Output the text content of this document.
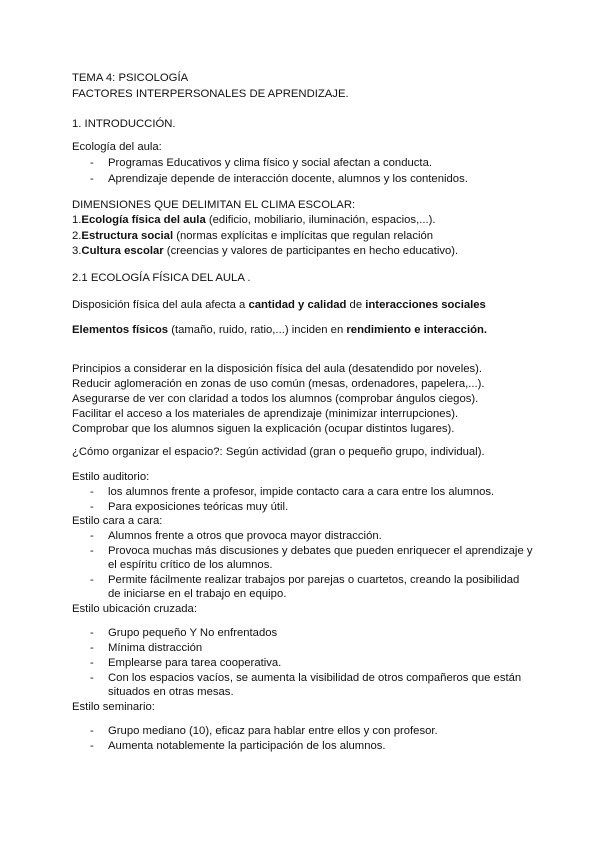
TEMA 4: PSICOLOGÍA
FACTORES INTERPERSONALES DE APRENDIZAJE.
1. INTRODUCCIÓN.
Ecología del aula:
- Programas Educativos y clima físico y social afectan a conducta.
- Aprendizaje depende de interacción docente, alumnos y los contenidos.
DIMENSIONES QUE DELIMITAN EL CLIMA ESCOLAR:
1.Ecología física del aula (edificio, mobiliario, iluminación, espacios,...).
2.Estructura social (normas explícitas e implícitas que regulan relación
3.Cultura escolar (creencias y valores de participantes en hecho educativo).
2.1 ECOLOGÍA FÍSICA DEL AULA .
Disposición física del aula afecta a cantidad y calidad de interacciones sociales
Elementos físicos (tamaño, ruido, ratio,...) inciden en rendimiento e interacción.
Principios a considerar en la disposición física del aula (desatendido por noveles).
Reducir aglomeración en zonas de uso común (mesas, ordenadores, papelera,...).
Asegurarse de ver con claridad a todos los alumnos (comprobar ángulos ciegos).
Facilitar el acceso a los materiales de aprendizaje (minimizar interrupciones).
Comprobar que los alumnos siguen la explicación (ocupar distintos lugares).
¿Cómo organizar el espacio?: Según actividad (gran o pequeño grupo, individual).
Estilo auditorio:
- los alumnos frente a profesor, impide contacto cara a cara entre los alumnos.
- Para exposiciones teóricas muy útil.
Estilo cara a cara:
- Alumnos frente a otros que provoca mayor distracción.
- Provoca muchas más discusiones y debates que pueden enriquecer el aprendizaje y
el espíritu crítico de los alumnos.
- Permite fácilmente realizar trabajos por parejas o cuartetos, creando la posibilidad
de iniciarse en el trabajo en equipo.
Estilo ubicación cruzada:
- Grupo pequeño Y No enfrentados
- Mínima distracción
- Emplearse para tarea cooperativa.
- Con los espacios vacíos, se aumenta la visibilidad de otros compañeros que están
situados en otras mesas.
Estilo seminario:
- Grupo mediano (10), eficaz para hablar entre ellos y con profesor.
- Aumenta notablemente la participación de los alumnos.
